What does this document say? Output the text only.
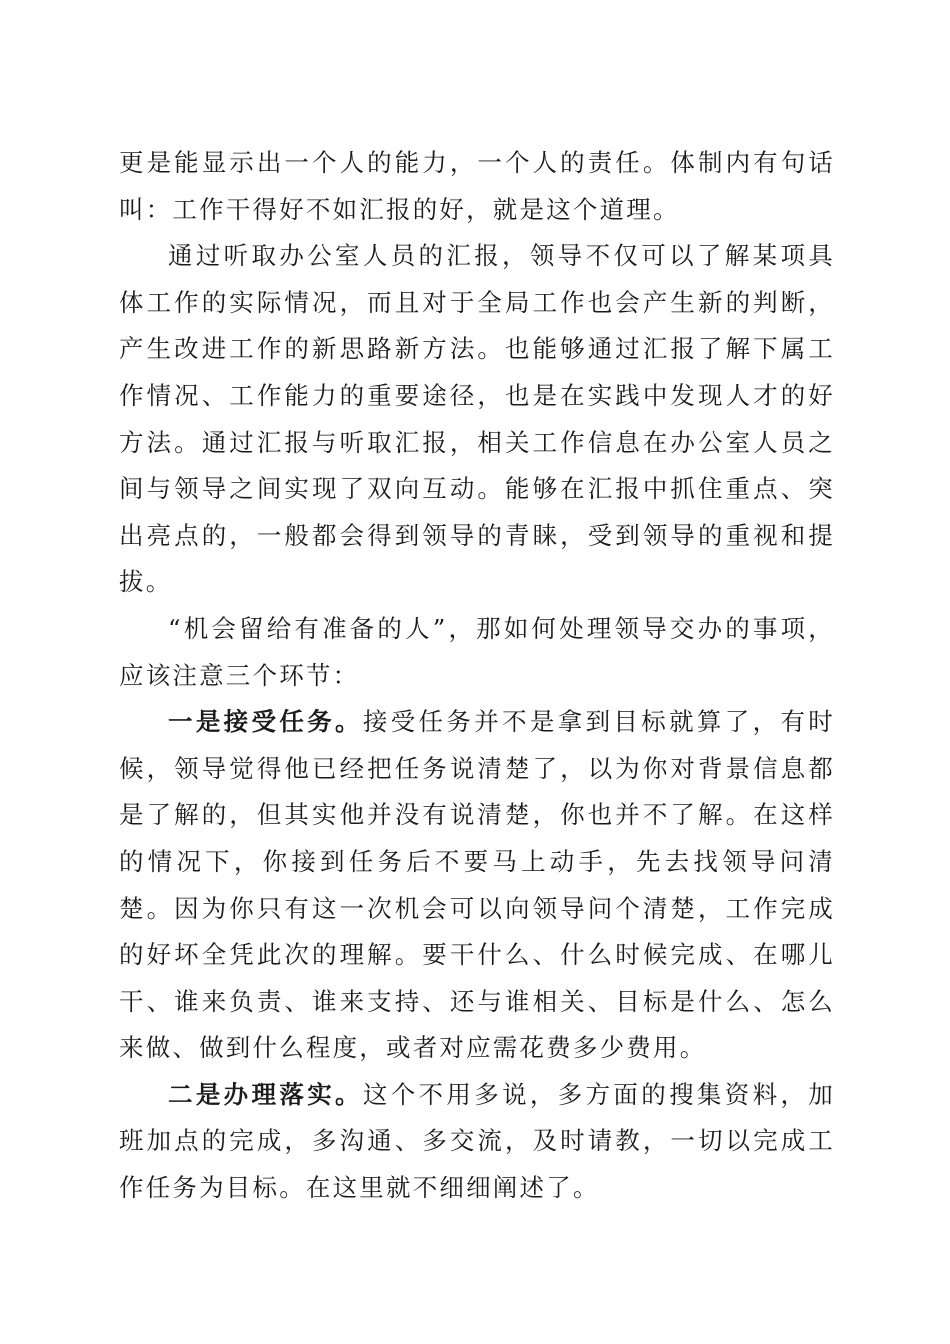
更是能显示出一个人的能力，一个人的责任。体制内有句话叫：工作干得好不如汇报的好，就是这个道理。

通过听取办公室人员的汇报，领导不仅可以了解某项具体工作的实际情况，而且对于全局工作也会产生新的判断，产生改进工作的新思路新方法。也能够通过汇报了解下属工作情况、工作能力的重要途径，也是在实践中发现人才的好方法。通过汇报与听取汇报，相关工作信息在办公室人员之间与领导之间实现了双向互动。能够在汇报中抓住重点、突出亮点的，一般都会得到领导的青睐，受到领导的重视和提拔。

“机会留给有准备的人”，那如何处理领导交办的事项，应该注意三个环节：

一是接受任务。接受任务并不是拿到目标就算了，有时候，领导觉得他已经把任务说清楚了，以为你对背景信息都是了解的，但其实他并没有说清楚，你也并不了解。在这样的情况下，你接到任务后不要马上动手，先去找领导问清楚。因为你只有这一次机会可以向领导问个清楚，工作完成的好坏全凭此次的理解。要干什么、什么时候完成、在哪儿干、谁来负责、谁来支持、还与谁相关、目标是什么、怎么来做、做到什么程度，或者对应需花费多少费用。

二是办理落实。这个不用多说，多方面的搜集资料，加班加点的完成，多沟通、多交流，及时请教，一切以完成工作任务为目标。在这里就不细细阐述了。
